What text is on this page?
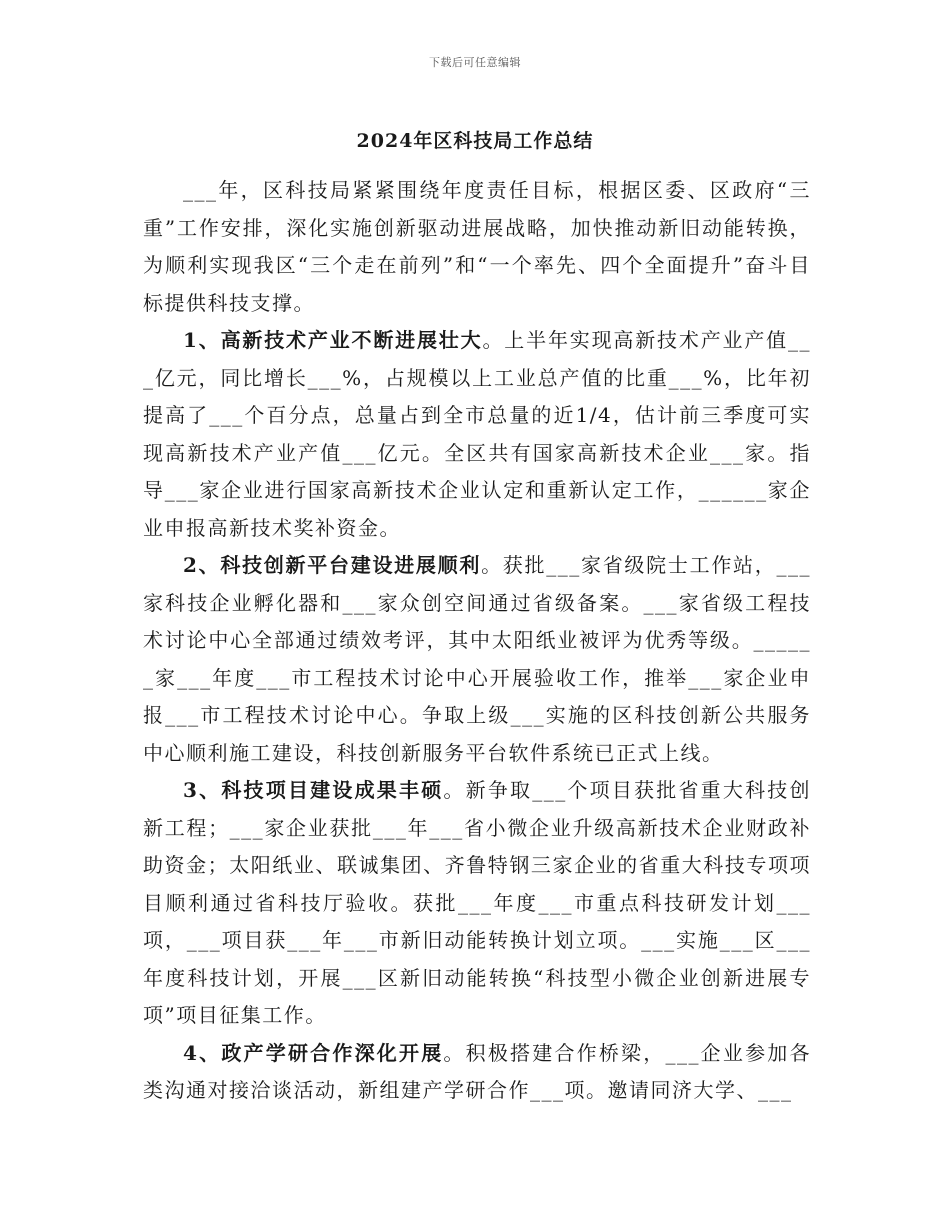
下载后可任意编辑
2024年区科技局工作总结

___年，区科技局紧紧围绕年度责任目标，根据区委、区政府“三重”工作安排，深化实施创新驱动进展战略，加快推动新旧动能转换，为顺利实现我区“三个走在前列”和“一个率先、四个全面提升”奋斗目标提供科技支撑。

1、高新技术产业不断进展壮大。上半年实现高新技术产业产值___亿元，同比增长___%，占规模以上工业总产值的比重___%，比年初提高了___个百分点，总量占到全市总量的近1/4，估计前三季度可实现高新技术产业产值___亿元。全区共有国家高新技术企业___家。指导___家企业进行国家高新技术企业认定和重新认定工作，______家企业申报高新技术奖补资金。

2、科技创新平台建设进展顺利。获批___家省级院士工作站，___家科技企业孵化器和___家众创空间通过省级备案。___家省级工程技术讨论中心全部通过绩效考评，其中太阳纸业被评为优秀等级。______家___年度___市工程技术讨论中心开展验收工作，推举___家企业申报___市工程技术讨论中心。争取上级___实施的区科技创新公共服务中心顺利施工建设，科技创新服务平台软件系统已正式上线。

3、科技项目建设成果丰硕。新争取___个项目获批省重大科技创新工程；___家企业获批___年___省小微企业升级高新技术企业财政补助资金；太阳纸业、联诚集团、齐鲁特钢三家企业的省重大科技专项项目顺利通过省科技厅验收。获批___年度___市重点科技研发计划___项，___项目获___年___市新旧动能转换计划立项。___实施___区___年度科技计划，开展___区新旧动能转换“科技型小微企业创新进展专项”项目征集工作。

4、政产学研合作深化开展。积极搭建合作桥梁，___企业参加各类沟通对接洽谈活动，新组建产学研合作___项。邀请同济大学、___
